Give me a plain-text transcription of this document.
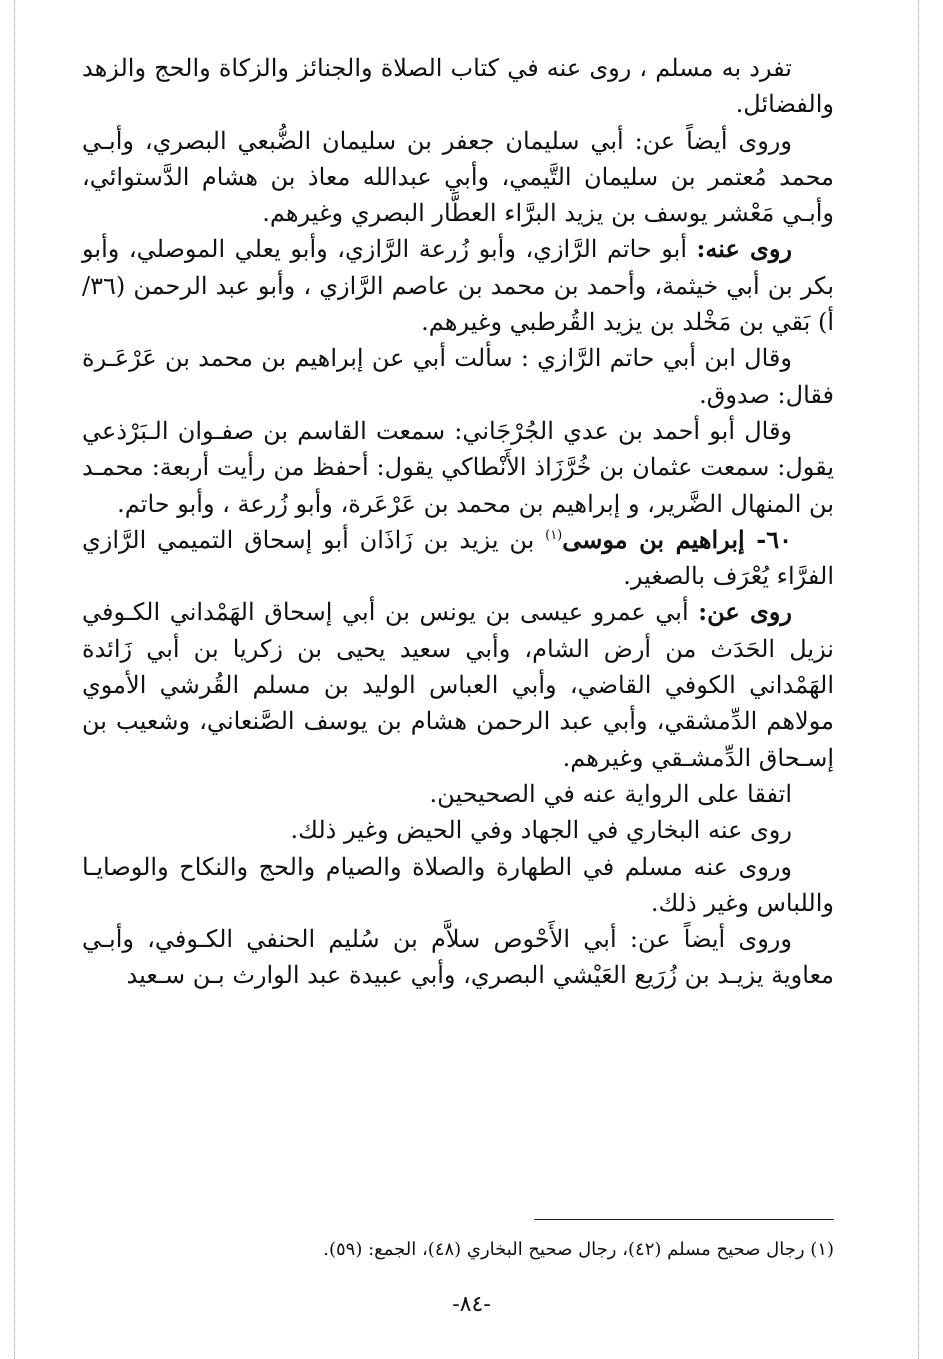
تفرد به مسلم ، روى عنه في كتاب الصلاة والجنائز والزكاة والحج والزهد والفضائل.

وروى أيضاً عن: أبي سليمان جعفر بن سليمان الضُّبعي البصري، وأبـي محمد مُعتمر بن سليمان التَّيمي، وأبي عبدالله معاذ بن هشام الدَّستوائي، وأبـي مَعْشر يوسف بن يزيد البرَّاء العطَّار البصري وغيرهم.

روى عنه: أبو حاتم الرَّازي، وأبو زُرعة الرَّازي، وأبو يعلي الموصلي، وأبو بكر بن أبي خيثمة، وأحمد بن محمد بن عاصم الرَّازي ، وأبو عبد الرحمن (٣٦/أ) بَقي بن مَخْلد بن يزيد القُرطبي وغيرهم.

وقال ابن أبي حاتم الرَّازي : سألت أبي عن إبراهيم بن محمد بن عَرْعَـرة فقال: صدوق.

وقال أبو أحمد بن عدي الجُرْجَاني: سمعت القاسم بن صفـوان الـبَرْذعي يقول: سمعت عثمان بن خُرَّزَاذ الأَنْطاكي يقول: أحفظ من رأيت أربعة: محمـد بن المنهال الضَّرير، و إبراهيم بن محمد بن عَرْعَرة، وأبو زُرعة ، وأبو حاتم.

٦٠- إبراهيم بن موسى$^{(١)}$ بن يزيد بن زَاذَان أبو إسحاق التميمي الرَّازي الفرَّاء يُعْرَف بالصغير.

روى عن: أبي عمرو عيسى بن يونس بن أبي إسحاق الهَمْداني الكـوفي نزيل الحَدَث من أرض الشام، وأبي سعيد يحيى بن زكريا بن أبي زَائدة الهَمْداني الكوفي القاضي، وأبي العباس الوليد بن مسلم القُرشي الأموي مولاهم الدِّمشقي، وأبي عبد الرحمن هشام بن يوسف الصَّنعاني، وشعيب بن إسـحاق الدِّمشـقي وغيرهم.

اتفقا على الرواية عنه في الصحيحين.

روى عنه البخاري في الجهاد وفي الحيض وغير ذلك.

وروى عنه مسلم في الطهارة والصلاة والصيام والحج والنكاح والوصايـا واللباس وغير ذلك.

وروى أيضاً عن: أبي الأَحْوص سلاَّم بن سُليم الحنفي الكـوفي، وأبـي معاوية يزيـد بن زُرَيع العَيْشي البصري، وأبي عبيدة عبد الوارث بـن سـعيد

(١) رجال صحيح مسلم (٤٢)، رجال صحيح البخاري (٤٨)، الجمع: (٥٩).
-٨٤-
